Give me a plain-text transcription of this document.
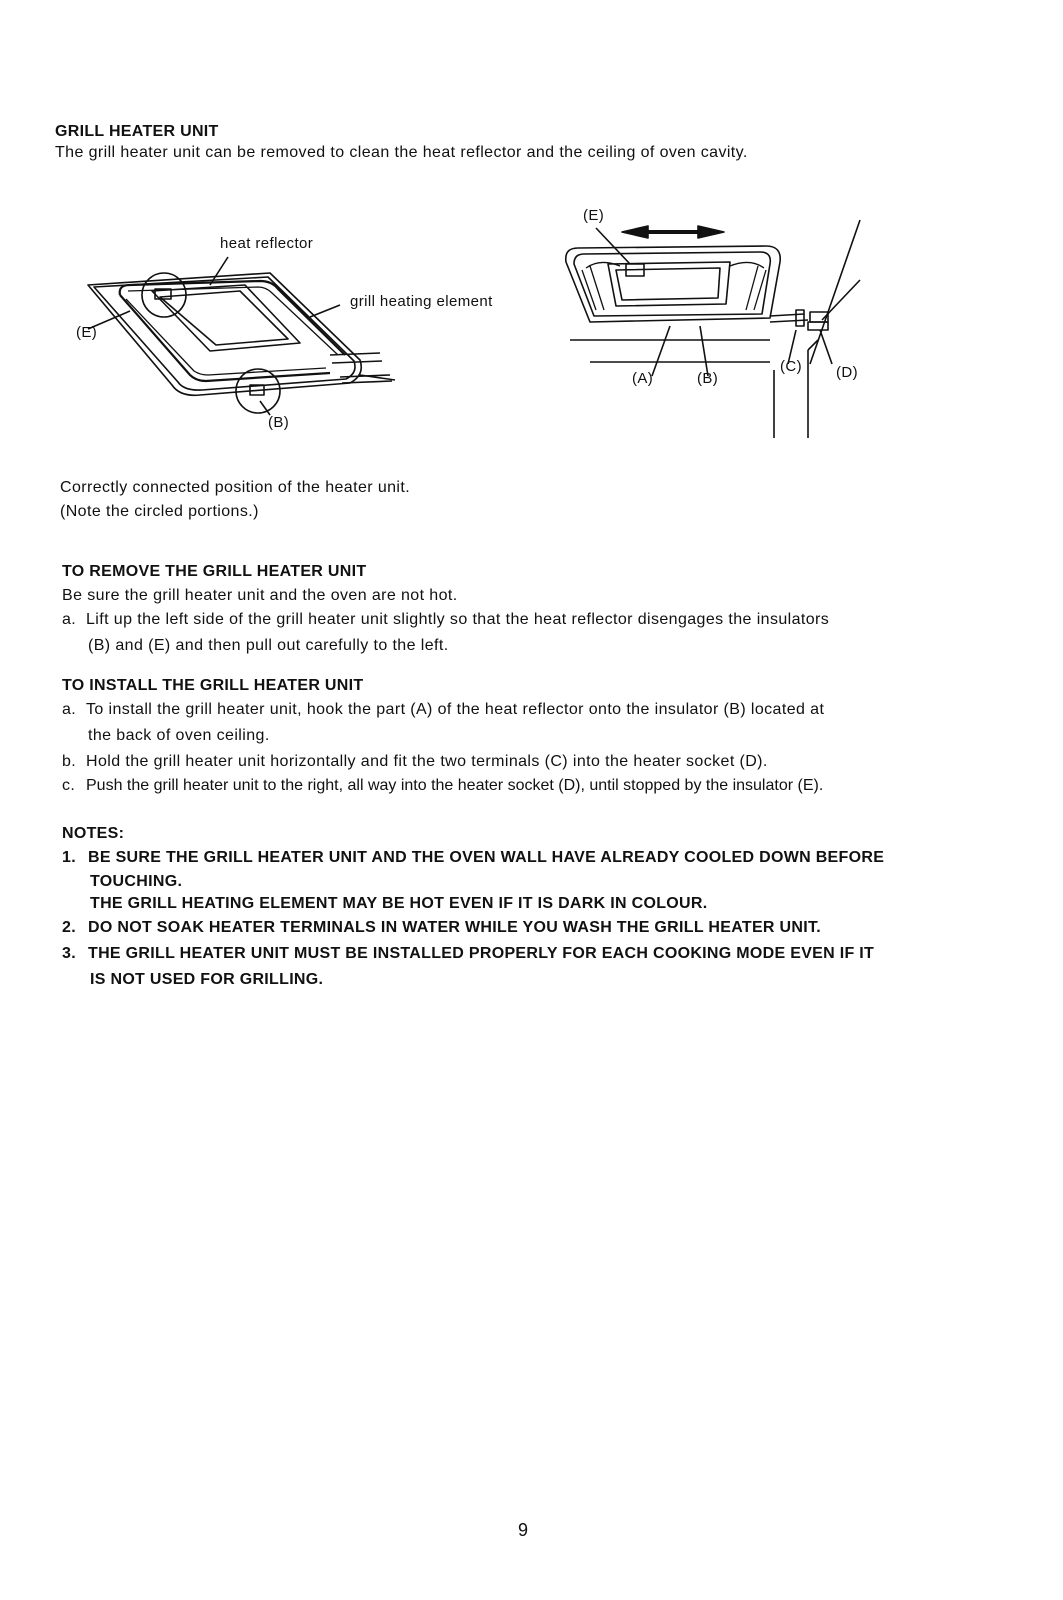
GRILL HEATER UNIT
The grill heater unit can be removed to clean the heat reflector and the ceiling of oven cavity.
heat reflector
grill heating element
(E)
(B)
(E)
(A)	(B)
(C) (D)
Correctly connected position of the heater unit.
(Note the circled portions.)
TO REMOVE THE GRILL HEATER UNIT
Be sure the grill heater unit and the oven are not hot.
a. Lift up the left side of the grill heater unit slightly so that the heat reflector disengages the insulators
(B) and (E) and then pull out carefully to the left.
TO INSTALL THE GRILL HEATER UNIT
a. To install the grill heater unit, hook the part (A) of the heat reflector onto the insulator (B) located at
the back of oven ceiling.
b. Hold the grill heater unit horizontally and fit the two terminals (C) into the heater socket (D).
c. Push the grill heater unit to the right, all way into the heater socket (D), until stopped by the insulator (E).
NOTES:
1. BE SURE THE GRILL HEATER UNIT AND THE OVEN WALL HAVE ALREADY COOLED DOWN BEFORE
TOUCHING.
THE GRILL HEATING ELEMENT MAY BE HOT EVEN IF IT IS DARK IN COLOUR.
2. DO NOT SOAK HEATER TERMINALS IN WATER WHILE YOU WASH THE GRILL HEATER UNIT.
3. THE GRILL HEATER UNIT MUST BE INSTALLED PROPERLY FOR EACH COOKING MODE EVEN IF IT
IS NOT USED FOR GRILLING.
9
